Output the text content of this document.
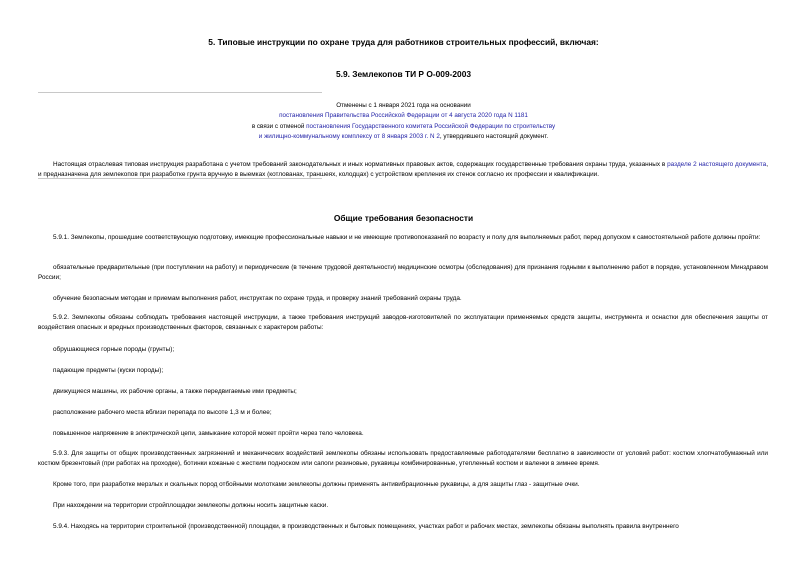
5. Типовые инструкции по охране труда для работников строительных профессий, включая:
5.9. Землекопов ТИ Р О-009-2003
Отменены с 1 января 2021 года на основании
постановления Правительства Российской Федерации от 4 августа 2020 года N 1181
в связи с отменой постановления Государственного комитета Российской Федерации по строительству
и жилищно-коммунальному комплексу от 8 января 2003 г. N 2, утвердившего настоящий документ.
Настоящая отраслевая типовая инструкция разработана с учетом требований законодательных и иных нормативных правовых актов, содержащих государственные требования охраны труда, указанных в разделе 2 настоящего документа, и предназначена для землекопов при разработке грунта вручную в выемках (котлованах, траншеях, колодцах) с устройством крепления их стенок согласно их профессии и квалификации.
Общие требования безопасности
5.9.1. Землекопы, прошедшие соответствующую подготовку, имеющие профессиональные навыки и не имеющие противопоказаний по возрасту и полу для выполняемых работ, перед допуском к самостоятельной работе должны пройти:
обязательные предварительные (при поступлении на работу) и периодические (в течение трудовой деятельности) медицинские осмотры (обследования) для признания годными к выполнению работ в порядке, установленном Минздравом России;
обучение безопасным методам и приемам выполнения работ, инструктаж по охране труда, и проверку знаний требований охраны труда.
5.9.2. Землекопы обязаны соблюдать требования настоящей инструкции, а также требования инструкций заводов-изготовителей по эксплуатации применяемых средств защиты, инструмента и оснастки для обеспечения защиты от воздействия опасных и вредных производственных факторов, связанных с характером работы:
обрушающиеся горные породы (грунты);
падающие предметы (куски породы);
движущиеся машины, их рабочие органы, а также передвигаемые ими предметы;
расположение рабочего места вблизи перепада по высоте 1,3 м и более;
повышенное напряжение в электрической цепи, замыкание которой может пройти через тело человека.
5.9.3. Для защиты от общих производственных загрязнений и механических воздействий землекопы обязаны использовать предоставляемые работодателями бесплатно в зависимости от условий работ: костюм хлопчатобумажный или костюм брезентовый (при работах на проходке), ботинки кожаные с жестким подноском или сапоги резиновые, рукавицы комбинированные, утепленный костюм и валенки в зимнее время.
Кроме того, при разработке мерзлых и скальных пород отбойными молотками землекопы должны применять антивибрационные рукавицы, а для защиты глаз - защитные очки.
При нахождении на территории стройплощадки землекопы должны носить защитные каски.
5.9.4. Находясь на территории строительной (производственной) площадки, в производственных и бытовых помещениях, участках работ и рабочих местах, землекопы обязаны выполнять правила внутреннего
